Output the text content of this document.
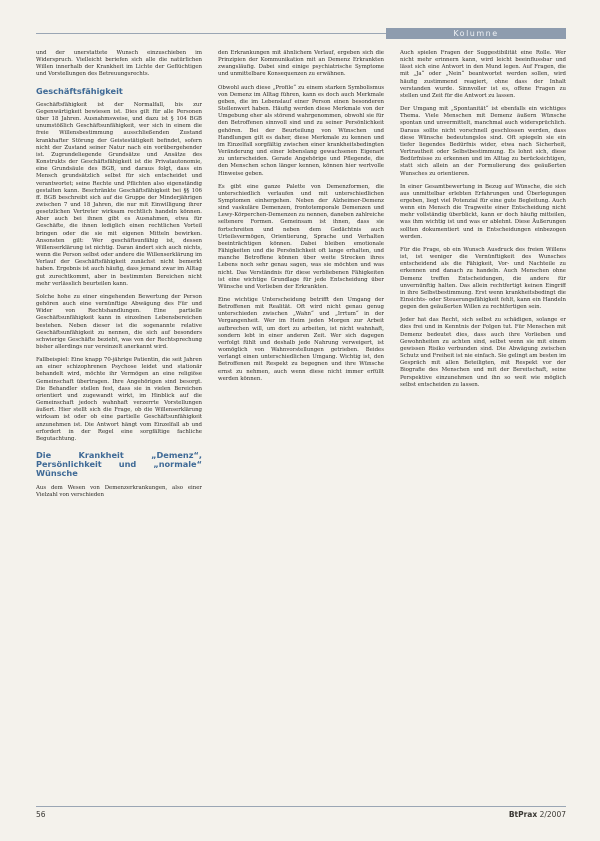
Kolumne

und der unerstattete Wunsch einzuschieben im Widerspruch. Vielleicht beriefen sich alle die natürlichen Willen innerhalb der Krankheit im Lichte der Geflüchtigen und Vorstellungen des Betreuungsrechts.

Geschäftsfähigkeit

Geschäftsfähigkeit ist der Normalfall, bis zur Gegenwärtigkeit bewiesen ist. Dies gilt für alle Personen über 18 Jahren. Ausnahmsweise, und dazu ist § 104 BGB unumstößlich Geschäftsunfähigkeit, wer sich in einem die freie Willensbestimmung ausschließenden Zustand krankhafter Störung der Geistestätigkeit befindet, sofern nicht der Zustand seiner Natur nach ein vorübergehender ist. Zugrundeliegende Grundsätze und Ansätze des Konstrukts der Geschäftsfähigkeit ist die Privatautonomie, eine Grundsäule des BGB, und daraus folgt, dass ein Mensch grundsätzlich selbst für sich entscheidet und verantwortet; seine Rechte und Pflichten also eigenständig gestalten kann. Beschränkte Geschäftsfähigkeit bei §§ 106 ff. BGB beschreibt sich auf die Gruppe der Minderjährigen zwischen 7 und 18 Jahren, die nur mit Einwilligung ihrer gesetzlichen Vertreter wirksam rechtlich handeln können. Aber auch bei ihnen gibt es Ausnahmen, etwa für Geschäfte, die ihnen lediglich einen rechtlichen Vorteil bringen oder die sie mit eigenen Mitteln bewirken. Ansonsten gilt: Wer geschäftsunfähig ist, dessen Willenserklärung ist nichtig. Daran ändert sich auch nichts, wenn die Person selbst oder andere die Willenserklärung im Verlauf der Geschäftsfähigkeit zunächst nicht bemerkt haben. Ergebnis ist auch häufig, dass jemand zwar im Alltag gut zurechtkommt, aber in bestimmten Bereichen nicht mehr verlässlich beurteilen kann.

Solche hohe zu einer eingehenden Bewertung der Person gehören auch eine vernünftige Abwägung des Für und Wider von Rechtshandlungen. Eine partielle Geschäftsunfähigkeit kann in einzelnen Lebensbereichen bestehen. Neben dieser ist die sogenannte relative Geschäftsunfähigkeit zu nennen, die sich auf besonders schwierige Geschäfte bezieht, was von der Rechtsprechung bisher allerdings nur vereinzelt anerkannt wird.

Fallbeispiel: Eine knapp 70-jährige Patientin, die seit Jahren an einer schizophrenen Psychose leidet und stationär behandelt wird, möchte ihr Vermögen an eine religiöse Gemeinschaft übertragen. Ihre Angehörigen sind besorgt. Die Behandler stellen fest, dass sie in vielen Bereichen orientiert und zugewandt wirkt, im Hinblick auf die Gemeinschaft jedoch wahnhaft verzerrte Vorstellungen äußert. Hier stellt sich die Frage, ob die Willenserklärung wirksam ist oder ob eine partielle Geschäftsunfähigkeit anzunehmen ist. Die Antwort hängt vom Einzelfall ab und erfordert in der Regel eine sorgfältige fachliche Begutachtung.

Die Krankheit „Demenz“, Persönlichkeit und „normale“ Wünsche

Aus dem Wesen von Demenzerkrankungen, also einer Vielzahl von verschieden

den Erkrankungen mit ähnlichem Verlauf, ergeben sich die Prinzipien der Kommunikation mit an Demenz Erkrankten zwangsläufig. Dabei sind einige psychiatrische Symptome und unmittelbare Konsequenzen zu erwähnen.

Obwohl auch diese „Profile“ zu einem starken Symbolismus von Demenz im Alltag führen, kann es doch auch Merkmale geben, die im Lebenslauf einer Person einen besonderen Stellenwert haben. Häufig werden diese Merkmale von der Umgebung eher als störend wahrgenommen, obwohl sie für den Betroffenen sinnvoll sind und zu seiner Persönlichkeit gehören. Bei der Beurteilung von Wünschen und Handlungen gilt es daher, diese Merkmale zu kennen und im Einzelfall sorgfältig zwischen einer krankheitsbedingten Veränderung und einer lebenslang gewachsenen Eigenart zu unterscheiden. Gerade Angehörige und Pflegende, die den Menschen schon länger kennen, können hier wertvolle Hinweise geben.

Es gibt eine ganze Palette von Demenzformen, die unterschiedlich verlaufen und mit unterschiedlichen Symptomen einhergehen. Neben der Alzheimer-Demenz sind vaskuläre Demenzen, frontotemporale Demenzen und Lewy-Körperchen-Demenzen zu nennen, daneben zahlreiche seltenere Formen. Gemeinsam ist ihnen, dass sie fortschreiten und neben dem Gedächtnis auch Urteilsvermögen, Orientierung, Sprache und Verhalten beeinträchtigen können. Dabei bleiben emotionale Fähigkeiten und die Persönlichkeit oft lange erhalten, und manche Betroffene können über weite Strecken ihres Lebens noch sehr genau sagen, was sie möchten und was nicht. Das Verständnis für diese verbliebenen Fähigkeiten ist eine wichtige Grundlage für jede Entscheidung über Wünsche und Vorlieben der Erkrankten.

Eine wichtige Unterscheidung betrifft den Umgang der Betroffenen mit Realität. Oft wird nicht genau genug unterschieden zwischen „Wahn“ und „Irrtum“ in der Vergangenheit. Wer im Heim jeden Morgen zur Arbeit aufbrechen will, um dort zu arbeiten, ist nicht wahnhaft, sondern lebt in einer anderen Zeit. Wer sich dagegen verfolgt fühlt und deshalb jede Nahrung verweigert, ist womöglich von Wahnvorstellungen getrieben. Beides verlangt einen unterschiedlichen Umgang. Wichtig ist, den Betroffenen mit Respekt zu begegnen und ihre Wünsche ernst zu nehmen, auch wenn diese nicht immer erfüllt werden können.

Auch spielen Fragen der Suggestibilität eine Rolle. Wer nicht mehr erinnern kann, wird leicht beeinflussbar und lässt sich eine Antwort in den Mund legen. Auf Fragen, die mit „Ja“ oder „Nein“ beantwortet werden sollen, wird häufig zustimmend reagiert, ohne dass der Inhalt verstanden wurde. Sinnvoller ist es, offene Fragen zu stellen und Zeit für die Antwort zu lassen.

Der Umgang mit „Spontanität“ ist ebenfalls ein wichtiges Thema. Viele Menschen mit Demenz äußern Wünsche spontan und unvermittelt, manchmal auch widersprüchlich. Daraus sollte nicht vorschnell geschlossen werden, dass diese Wünsche bedeutungslos sind. Oft spiegeln sie ein tiefer liegendes Bedürfnis wider, etwa nach Sicherheit, Vertrautheit oder Selbstbestimmung. Es lohnt sich, diese Bedürfnisse zu erkennen und im Alltag zu berücksichtigen, statt sich allein an der Formulierung des geäußerten Wunsches zu orientieren.

In einer Gesamtbewertung in Bezug auf Wünsche, die sich aus unmittelbar erlebten Erfahrungen und Überlegungen ergeben, liegt viel Potenzial für eine gute Begleitung. Auch wenn ein Mensch die Tragweite einer Entscheidung nicht mehr vollständig überblickt, kann er doch häufig mitteilen, was ihm wichtig ist und was er ablehnt. Diese Äußerungen sollten dokumentiert und in Entscheidungen einbezogen werden.

Für die Frage, ob ein Wunsch Ausdruck des freien Willens ist, ist weniger die Vernünftigkeit des Wunsches entscheidend als die Fähigkeit, Vor- und Nachteile zu erkennen und danach zu handeln. Auch Menschen ohne Demenz treffen Entscheidungen, die andere für unvernünftig halten. Das allein rechtfertigt keinen Eingriff in ihre Selbstbestimmung. Erst wenn krankheitsbedingt die Einsichts- oder Steuerungsfähigkeit fehlt, kann ein Handeln gegen den geäußerten Willen zu rechtfertigen sein.

Jeder hat das Recht, sich selbst zu schädigen, solange er dies frei und in Kenntnis der Folgen tut. Für Menschen mit Demenz bedeutet dies, dass auch ihre Vorlieben und Gewohnheiten zu achten sind, selbst wenn sie mit einem gewissen Risiko verbunden sind. Die Abwägung zwischen Schutz und Freiheit ist nie einfach. Sie gelingt am besten im Gespräch mit allen Beteiligten, mit Respekt vor der Biografie des Menschen und mit der Bereitschaft, seine Perspektive einzunehmen und ihn so weit wie möglich selbst entscheiden zu lassen.

56	BtPrax 2/2007
